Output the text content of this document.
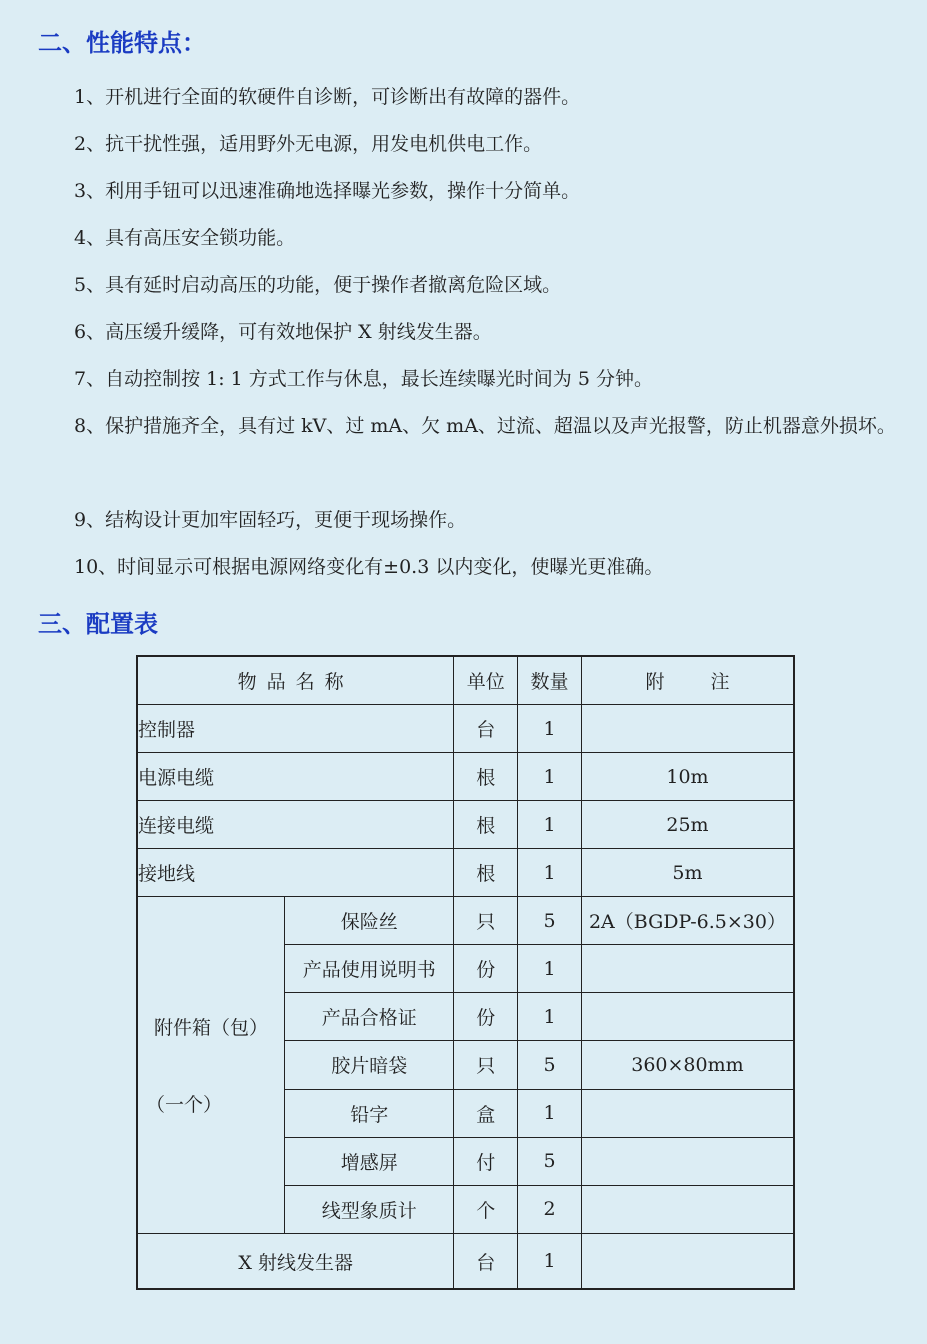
二、性能特点：

1、开机进行全面的软硬件自诊断，可诊断出有故障的器件。

2、抗干扰性强，适用野外无电源，用发电机供电工作。

3、利用手钮可以迅速准确地选择曝光参数，操作十分简单。

4、具有高压安全锁功能。

5、具有延时启动高压的功能，便于操作者撤离危险区域。

6、高压缓升缓降，可有效地保护 X 射线发生器。

7、自动控制按 1: 1 方式工作与休息，最长连续曝光时间为 5 分钟。

8、保护措施齐全，具有过 kV、过 mA、欠 mA、过流、超温以及声光报警，防止机器意外损坏。

9、结构设计更加牢固轻巧，更便于现场操作。

10、时间显示可根据电源网络变化有±0.3 以内变化，使曝光更准确。

三、配置表
物品名称		单位	数量	附 注
控制器		台	1	
电源电缆		根	1	10m
连接电缆		根	1	25m
接地线		根	1	5m

附件箱（包）
（一个）	保险丝	只	5	2A（BGDP-6.5×30）
	产品使用说明书	份	1	
	产品合格证	份	1	
	胶片暗袋	只	5	360×80mm
	铅字	盒	1	
	增感屏	付	5	
	线型象质计	个	2	
X 射线发生器		台	1	
